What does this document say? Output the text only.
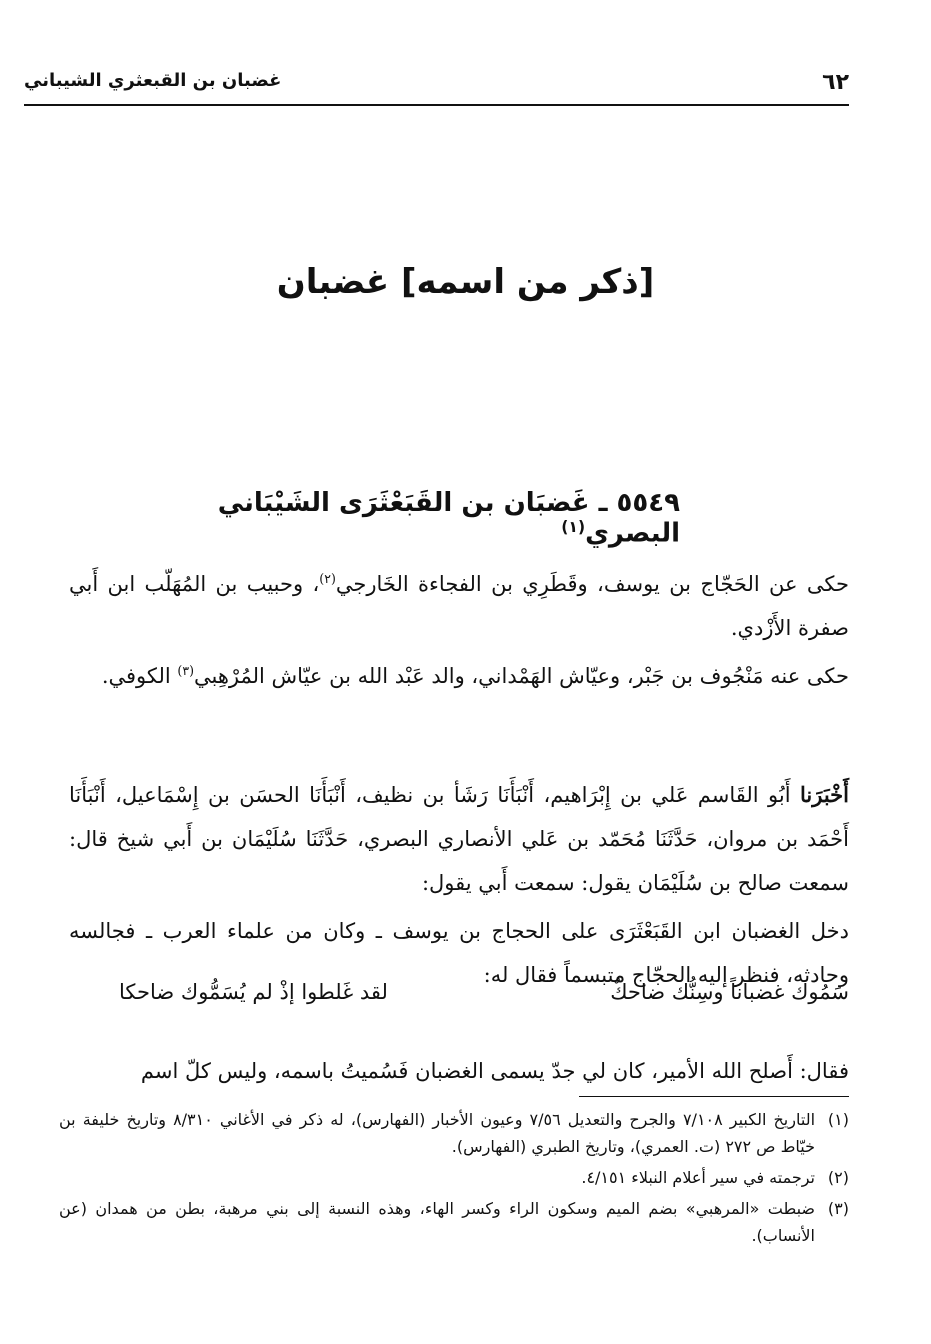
٦٢
غضبان بن القبعثري الشيباني
[ذكر من اسمه] غضبان
٥٥٤٩ ـ غَضبَان بن القَبَعْثَرَى الشَيْبَاني البصري$^{(١)}$

حكى عن الحَجّاج بن يوسف، وقَطَرِي بن الفجاءة الخَارجي$^{(٢)}$، وحبيب بن المُهَلّب ابن أَبي صفرة الأَزْدي.

حكى عنه مَنْجُوف بن جَبْر، وعيّاش الهَمْداني، والد عَبْد الله بن عيّاش المُرْهِبي$^{(٣)}$ الكوفي.

أَخْبَرَنا أَبُو القَاسم عَلي بن إِبْرَاهيم، أَنْبَأَنَا رَشَأ بن نظيف، أَنْبَأَنَا الحسَن بن إِسْمَاعيل، أَنْبَأَنَا أَحْمَد بن مروان، حَدَّثَنَا مُحَمّد بن عَلي الأنصاري البصري، حَدَّثَنَا سُلَيْمَان بن أَبي شيخ قال: سمعت صالح بن سُلَيْمَان يقول: سمعت أَبي يقول:

دخل الغضبان ابن القَبَعْثَرَى على الحجاج بن يوسف ـ وكان من علماء العرب ـ فجالسه وحادثه، فنظر إليه الحجّاج متبسماً فقال له:

سَمُوك غضباناً وسِنُّك ضاحكٌ
لقد غَلطوا إذْ لم يُسَمُّوك ضاحكا

فقال: أَصلح الله الأمير، كان لي جدّ يسمى الغضبان فَسُميتُ باسمه، وليس كلّ اسم

(١)
التاريخ الكبير ٧/١٠٨ والجرح والتعديل ٧/٥٦ وعيون الأخبار (الفهارس)، له ذكر في الأغاني ٨/٣١٠ وتاريخ خليفة بن خيّاط ص ٢٧٢ (ت. العمري)، وتاريخ الطبري (الفهارس).

(٢)
ترجمته في سير أعلام النبلاء ٤/١٥١.

(٣)
ضبطت «المرهبي» بضم الميم وسكون الراء وكسر الهاء، وهذه النسبة إلى بني مرهبة، بطن من همدان (عن الأنساب).
